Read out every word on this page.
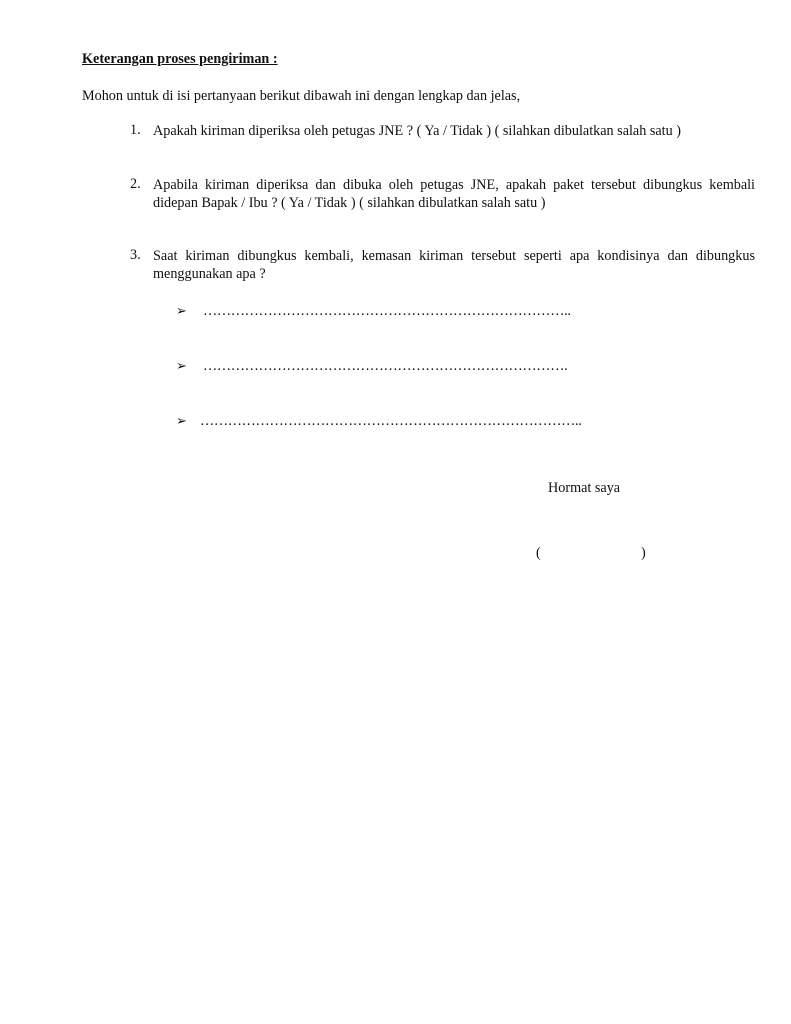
Keterangan proses pengiriman :
Mohon untuk di isi pertanyaan berikut dibawah ini dengan lengkap dan jelas,
1. Apakah kiriman diperiksa oleh petugas JNE ? ( Ya / Tidak ) ( silahkan dibulatkan salah satu )
2. Apabila kiriman diperiksa dan dibuka oleh petugas JNE, apakah paket tersebut dibungkus kembali didepan Bapak / Ibu ? ( Ya / Tidak ) ( silahkan dibulatkan salah satu )
3. Saat kiriman dibungkus kembali, kemasan kiriman tersebut seperti apa kondisinya dan dibungkus menggunakan apa ?
➢ ……………………………………………………………………..
➢ …………………………………………………………………….
➢ ………………………………………………………………………..
Hormat saya
(	)
